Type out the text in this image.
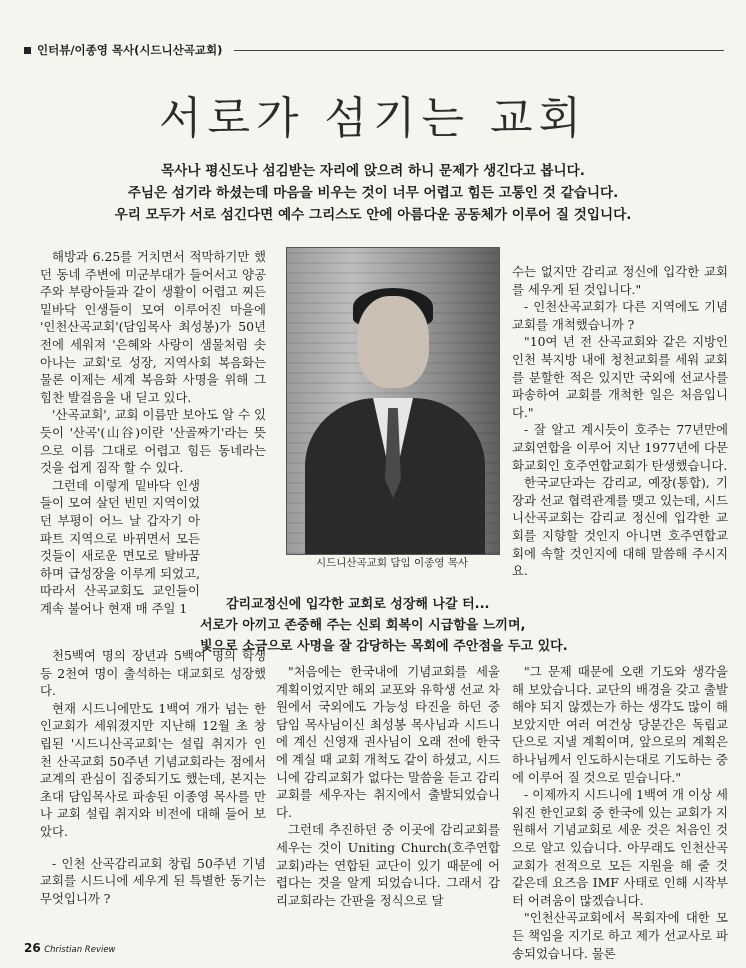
인터뷰/이종영 목사(시드니산곡교회)
서로가 섬기는 교회
목사나 평신도나 섬김받는 자리에 앉으려 하니 문제가 생긴다고 봅니다.
주님은 섬기라 하셨는데 마음을 비우는 것이 너무 어렵고 힘든 고통인 것 같습니다.
우리 모두가 서로 섬긴다면 예수 그리스도 안에 아름다운 공동체가 이루어 질 것입니다.

해방과 6.25를 거치면서 적막하기만 했던 동네 주변에 미군부대가 들어서고 양공주와 부랑아들과 같이 생활이 어렵고 찌든 밑바닥 인생들이 모여 이루어진 마을에 '인천산곡교회'(담임목사 최성봉)가 50년 전에 세워져 '은혜와 사랑이 샘물처럼 솟아나는 교회'로 성장, 지역사회 복음화는 물론 이제는 세계 복음화 사명을 위해 그 힘찬 발걸음을 내 딛고 있다.

'산곡교회', 교회 이름만 보아도 알 수 있듯이 '산곡'(山谷)이란 '산골짜기'라는 뜻으로 이름 그대로 어렵고 힘든 동네라는 것을 쉽게 짐작 할 수 있다.

그런데 이렇게 밑바닥 인생들이 모여 살던 빈민 지역이었던 부평이 어느 날 갑자기 아파트 지역으로 바뀌면서 모든 것들이 새로운 면모로 탈바꿈하며 급성장을 이루게 되었고, 따라서 산곡교회도 교인들이 계속 불어나 현재 매 주일 1

시드니산곡교회 담임 이종영 목사
감리교정신에 입각한 교회로 성장해 나갈 터...
서로가 아끼고 존중해 주는 신뢰 회복이 시급함을 느끼며,
빛으로 소금으로 사명을 잘 감당하는 목회에 주안점을 두고 있다.

천5백여 명의 장년과 5백여 명의 학생 등 2천여 명이 출석하는 대교회로 성장했다.

현재 시드니에만도 1백여 개가 넘는 한인교회가 세워졌지만 지난해 12월 초 창립된 '시드니산곡교회'는 설립 취지가 인천 산곡교회 50주년 기념교회라는 점에서 교계의 관심이 집중되기도 했는데, 본지는 초대 담임목사로 파송된 이종영 목사를 만나 교회 설립 취지와 비전에 대해 들어 보았다.

- 인천 산곡감리교회 창립 50주년 기념교회를 시드니에 세우게 된 특별한 동기는 무엇입니까 ?

"처음에는 한국내에 기념교회를 세울 계획이었지만 해외 교포와 유학생 선교 차원에서 국외에도 가능성 타진을 하던 중 담임 목사님이신 최성봉 목사님과 시드니에 계신 신영재 권사님이 오래 전에 한국에 계실 때 교회 개척도 같이 하셨고, 시드니에 감리교회가 없다는 말씀을 듣고 감리교회를 세우자는 취지에서 출발되었습니다.

그런데 추진하던 중 이곳에 감리교회를 세우는 것이 Uniting Church(호주연합교회)라는 연합된 교단이 있기 때문에 어렵다는 것을 알게 되었습니다. 그래서 감리교회라는 간판을 정식으로 달

수는 없지만 감리교 정신에 입각한 교회를 세우게 된 것입니다."

- 인천산곡교회가 다른 지역에도 기념교회를 개척했습니까 ?

"10여 년 전 산곡교회와 같은 지방인 인천 북지방 내에 청천교회를 세워 교회를 분할한 적은 있지만 국외에 선교사를 파송하여 교회를 개척한 일은 처음입니다."

- 잘 알고 계시듯이 호주는 77년만에 교회연합을 이루어 지난 1977년에 다문화교회인 호주연합교회가 탄생했습니다.

한국교단과는 감리교, 예장(통합), 기장과 선교 협력관계를 맺고 있는데, 시드니산곡교회는 감리교 정신에 입각한 교회를 지향할 것인지 아니면 호주연합교회에 속할 것인지에 대해 말씀해 주시지요.

"그 문제 때문에 오랜 기도와 생각을 해 보았습니다. 교단의 배경을 갖고 출발해야 되지 않겠는가 하는 생각도 많이 해 보았지만 여러 여건상 당분간은 독립교단으로 지낼 계획이며, 앞으로의 계획은 하나님께서 인도하시는대로 기도하는 중에 이루어 질 것으로 믿습니다."

- 이제까지 시드니에 1백여 개 이상 세워진 한인교회 중 한국에 있는 교회가 지원해서 기념교회로 세운 것은 처음인 것으로 알고 있습니다. 아무래도 인천산곡교회가 전적으로 모든 지원을 해 줄 것 같은데 요즈음 IMF 사태로 인해 시작부터 어려움이 많겠습니다.

"인천산곡교회에서 목회자에 대한 모든 책임을 지기로 하고 제가 선교사로 파송되었습니다. 물론

26 Christian Review
